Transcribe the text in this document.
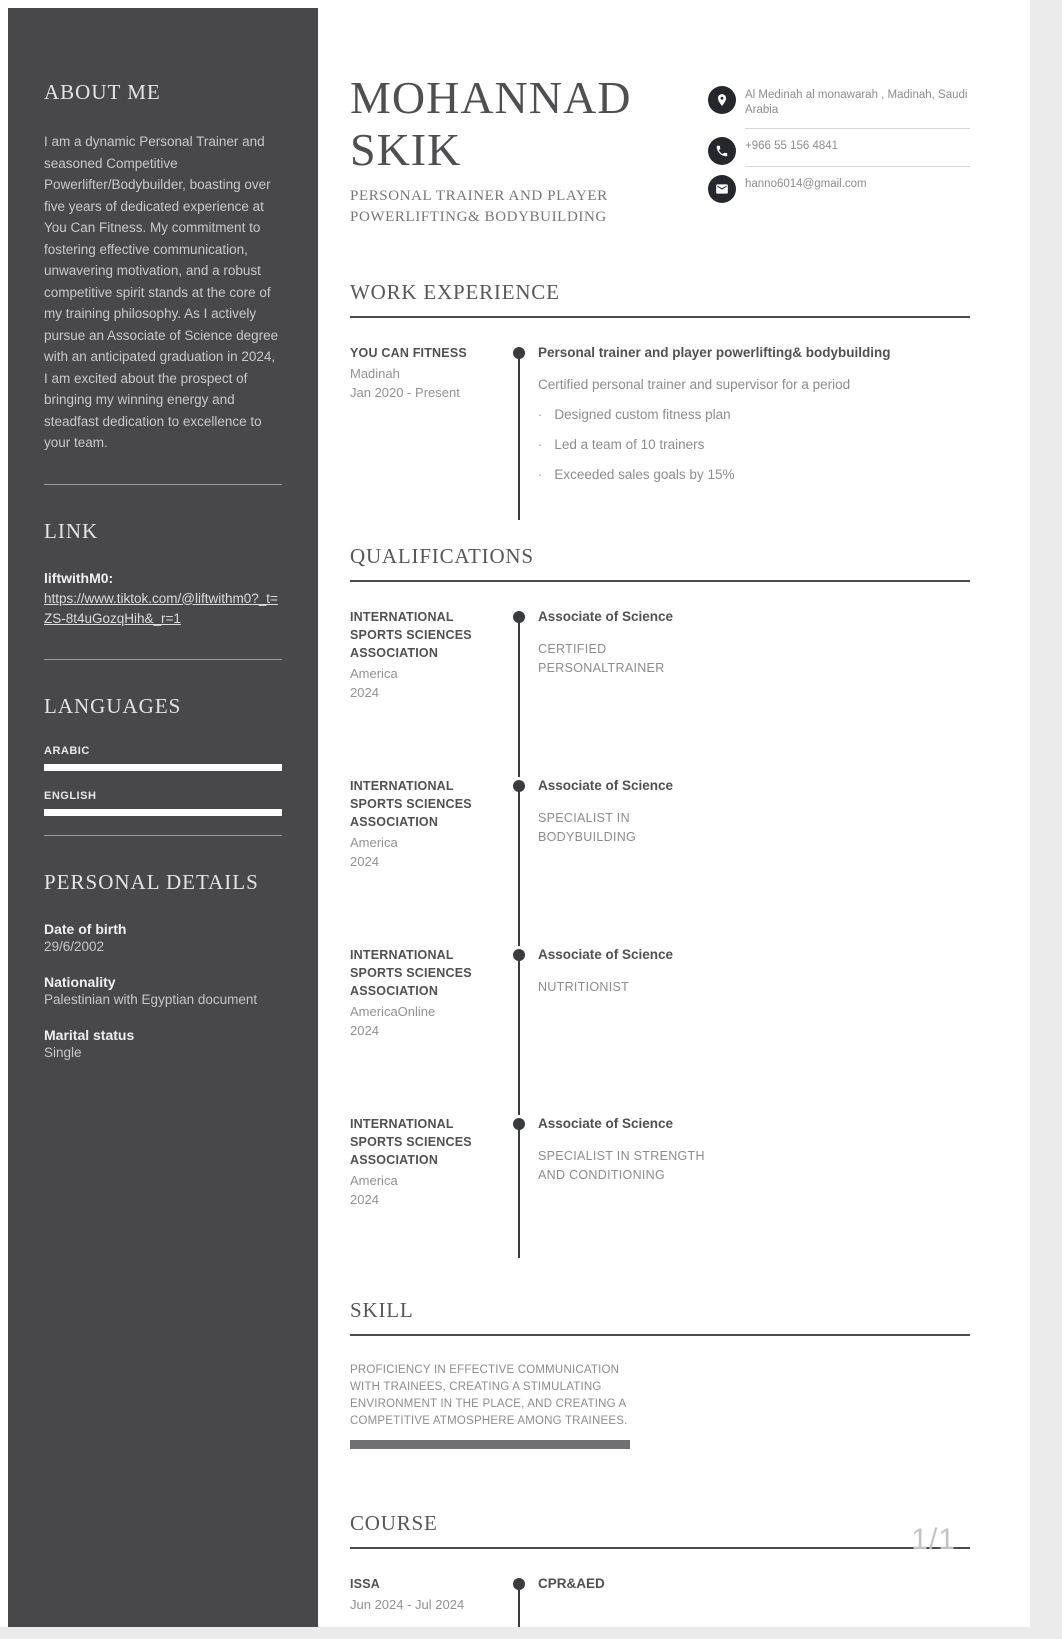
ABOUT ME

I am a dynamic Personal Trainer and seasoned Competitive Powerlifter/Bodybuilder, boasting over five years of dedicated experience at You Can Fitness. My commitment to fostering effective communication, unwavering motivation, and a robust competitive spirit stands at the core of my training philosophy. As I actively pursue an Associate of Science degree with an anticipated graduation in 2024, I am excited about the prospect of bringing my winning energy and steadfast dedication to excellence to your team.

LINK
liftwithM0:
https://www.tiktok.com/@liftwithm0?_t=ZS-8t4uGozqHih&_r=1
LANGUAGES
ARABIC
ENGLISH
PERSONAL DETAILS
Date of birth
29/6/2002
Nationality
Palestinian with Egyptian document
Marital status
Single
MOHANNAD SKIK
PERSONAL TRAINER AND PLAYER POWERLIFTING& BODYBUILDING
Al Medinah al monawarah , Madinah, Saudi Arabia
+966 55 156 4841
hanno6014@gmail.com
WORK EXPERIENCE
YOU CAN FITNESS
Madinah
Jan 2020 - Present
Personal trainer and player powerlifting& bodybuilding
Certified personal trainer and supervisor for a period
· Designed custom fitness plan
· Led a team of 10 trainers
· Exceeded sales goals by 15%
QUALIFICATIONS
INTERNATIONAL SPORTS SCIENCES ASSOCIATION
America
2024
Associate of Science
CERTIFIED PERSONALTRAINER
INTERNATIONAL SPORTS SCIENCES ASSOCIATION
America
2024
Associate of Science
SPECIALIST IN BODYBUILDING
INTERNATIONAL SPORTS SCIENCES ASSOCIATION
AmericaOnline
2024
Associate of Science
NUTRITIONIST
INTERNATIONAL SPORTS SCIENCES ASSOCIATION
America
2024
Associate of Science
SPECIALIST IN STRENGTH AND CONDITIONING
SKILL

PROFICIENCY IN EFFECTIVE COMMUNICATION WITH TRAINEES, CREATING A STIMULATING ENVIRONMENT IN THE PLACE, AND CREATING A COMPETITIVE ATMOSPHERE AMONG TRAINEES.

COURSE
ISSA
Jun 2024 - Jul 2024
CPR&AED
1/1
